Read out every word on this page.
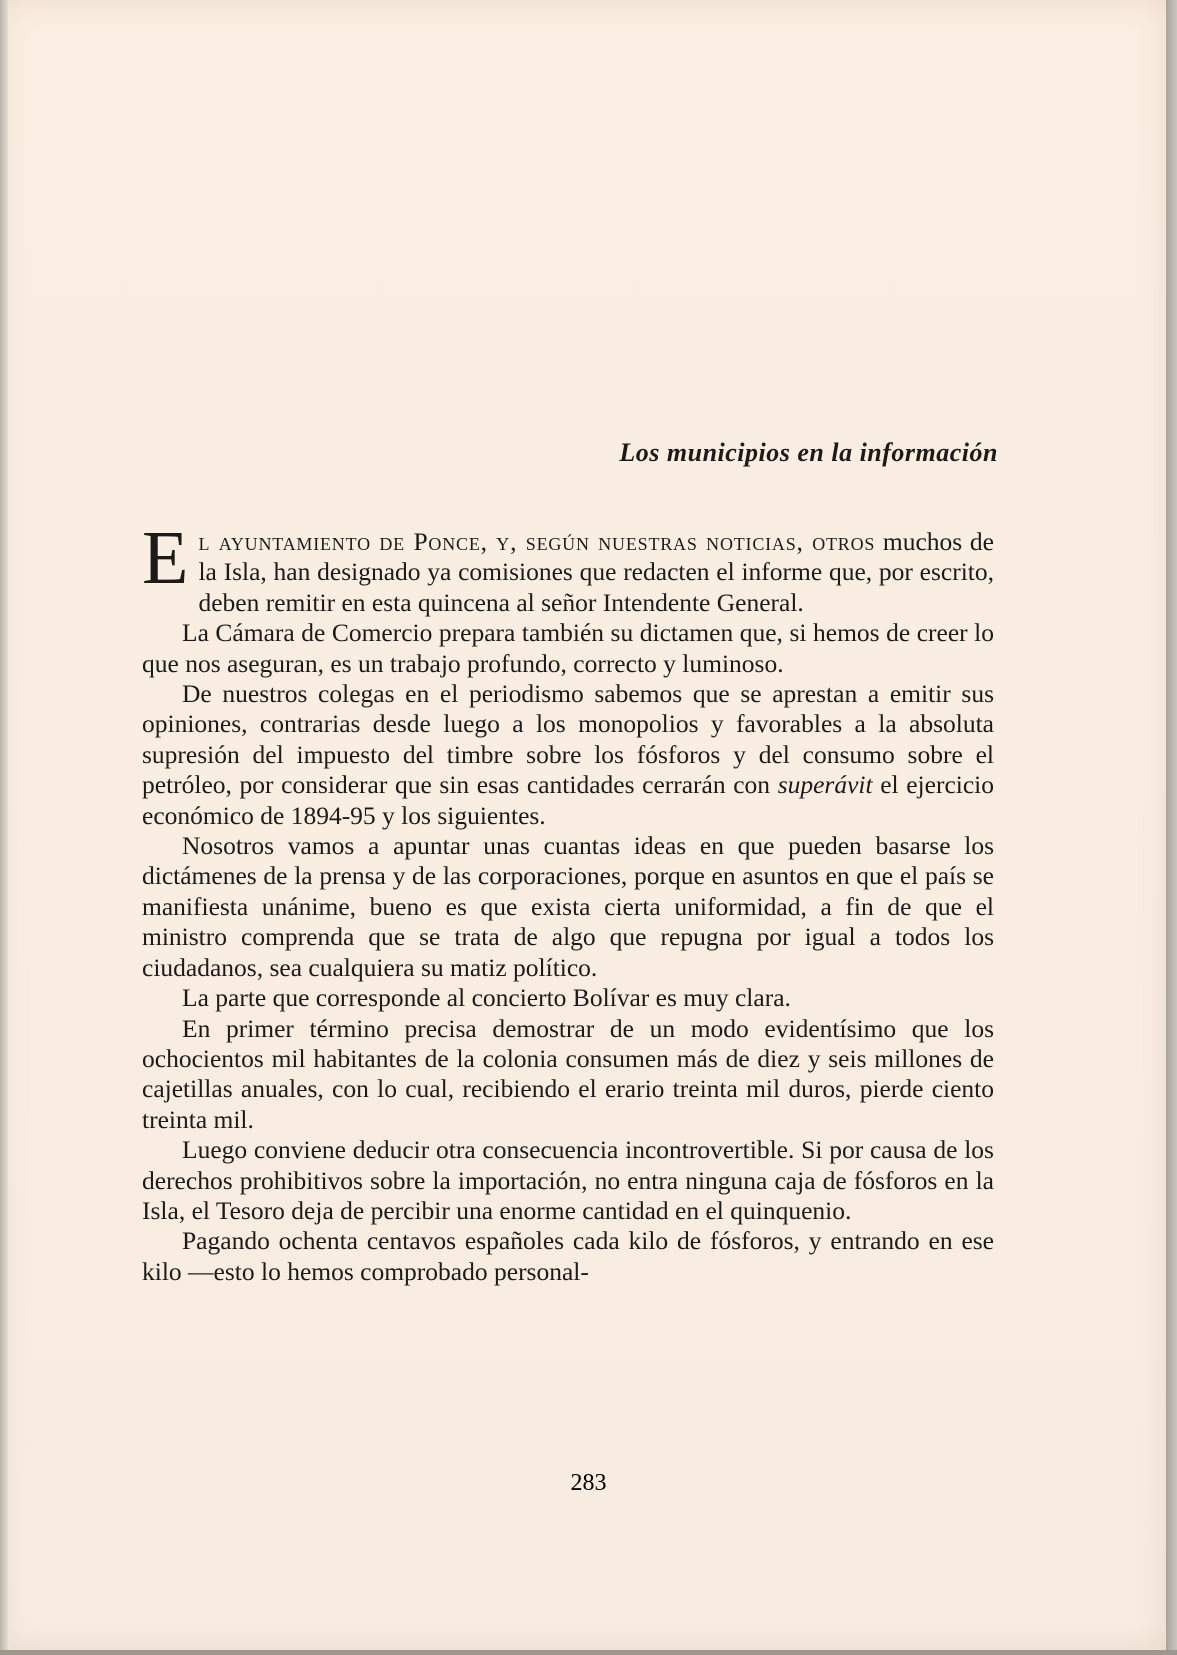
Los municipios en la información

El ayuntamiento de Ponce, y, según nuestras noticias, otros muchos de la Isla, han designado ya comisiones que redacten el informe que, por escrito, deben remitir en esta quincena al señor Intendente General.

La Cámara de Comercio prepara también su dictamen que, si hemos de creer lo que nos aseguran, es un trabajo profundo, correcto y luminoso.

De nuestros colegas en el periodismo sabemos que se aprestan a emitir sus opiniones, contrarias desde luego a los monopolios y favorables a la absoluta supresión del impuesto del timbre sobre los fósforos y del consumo sobre el petróleo, por considerar que sin esas cantidades cerrarán con superávit el ejercicio económico de 1894-95 y los siguientes.

Nosotros vamos a apuntar unas cuantas ideas en que pueden basarse los dictámenes de la prensa y de las corporaciones, porque en asuntos en que el país se manifiesta unánime, bueno es que exista cierta uniformidad, a fin de que el ministro comprenda que se trata de algo que repugna por igual a todos los ciudadanos, sea cualquiera su matiz político.

La parte que corresponde al concierto Bolívar es muy clara.

En primer término precisa demostrar de un modo evidentísimo que los ochocientos mil habitantes de la colonia consumen más de diez y seis millones de cajetillas anuales, con lo cual, recibiendo el erario treinta mil duros, pierde ciento treinta mil.

Luego conviene deducir otra consecuencia incontrovertible. Si por causa de los derechos prohibitivos sobre la importación, no entra ninguna caja de fósforos en la Isla, el Tesoro deja de percibir una enorme cantidad en el quinquenio.

Pagando ochenta centavos españoles cada kilo de fósforos, y entrando en ese kilo —esto lo hemos comprobado personal-

283
